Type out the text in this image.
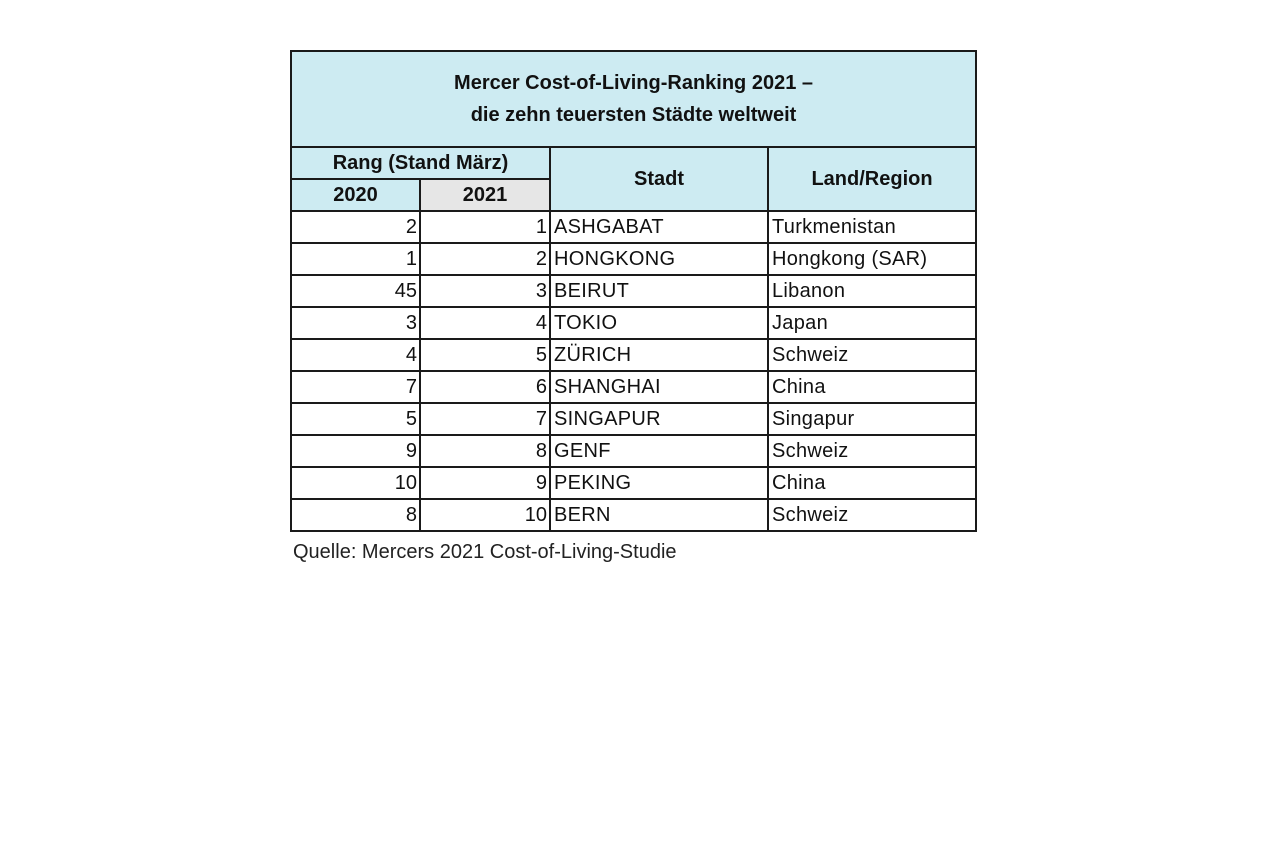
Mercer Cost-of-Living-Ranking 2021 –
die zehn teuersten Städte weltweit			

Rang (Stand März)		Stadt	Land/Region
2020	2021		
2	1	ASHGABAT	Turkmenistan
1	2	HONGKONG	Hongkong (SAR)
45	3	BEIRUT	Libanon
3	4	TOKIO	Japan
4	5	ZÜRICH	Schweiz
7	6	SHANGHAI	China
5	7	SINGAPUR	Singapur
9	8	GENF	Schweiz
10	9	PEKING	China
8	10	BERN	Schweiz
Quelle: Mercers 2021 Cost-of-Living-Studie
